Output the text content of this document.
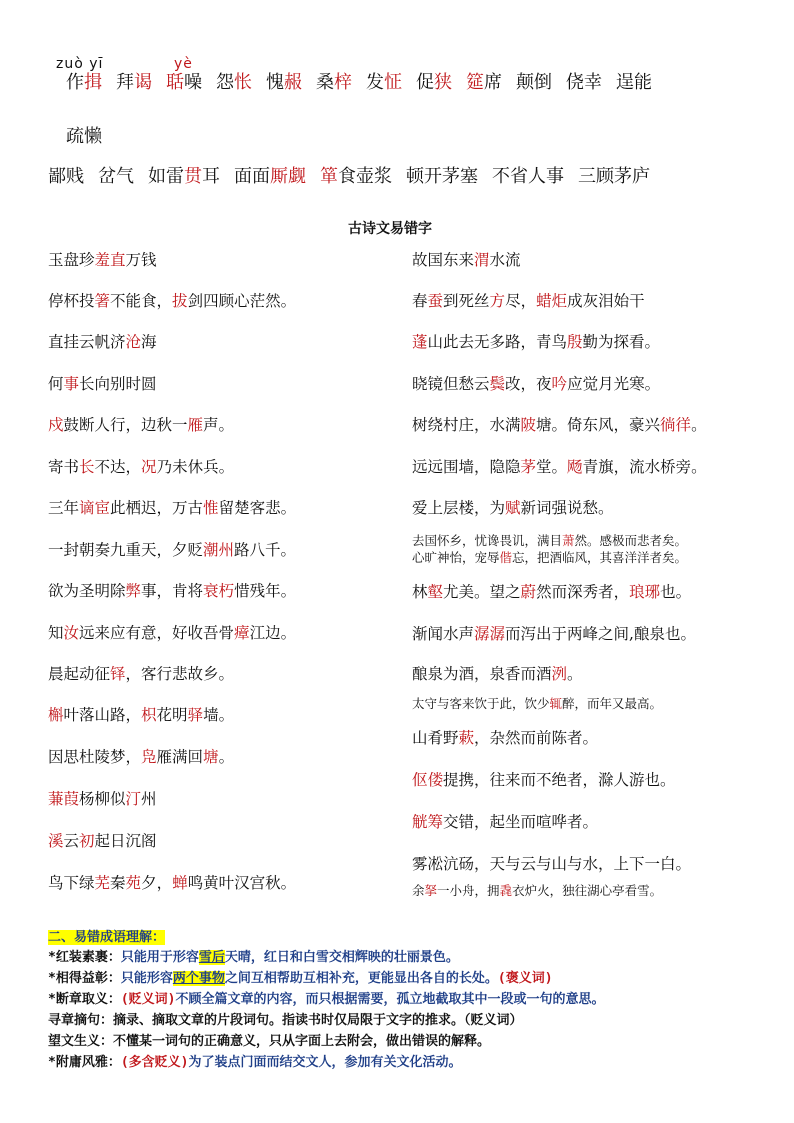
zuò yī	yè
作揖 拜谒 聒噪 怨怅 愧赧 桑梓 发怔 促狭 筵席 颠倒 侥幸 逞能
疏懒
鄙贱 岔气 如雷贯耳 面面厮觑 箪食壶浆 顿开茅塞 不省人事 三顾茅庐
古诗文易错字
玉盘珍羞直万钱
停杯投箸不能食，拔剑四顾心茫然。
直挂云帆济沧海
何事长向别时圆
戍鼓断人行，边秋一雁声。
寄书长不达，况乃未休兵。
三年谪宦此栖迟，万古惟留楚客悲。
一封朝奏九重天，夕贬潮州路八千。
欲为圣明除弊事，肯将衰朽惜残年。
知汝远来应有意，好收吾骨瘴江边。
晨起动征铎，客行悲故乡。
槲叶落山路，枳花明驿墙。
因思杜陵梦，凫雁满回塘。
蒹葭杨柳似汀州
溪云初起日沉阁
鸟下绿芜秦苑夕，蝉鸣黄叶汉宫秋。
故国东来渭水流
春蚕到死丝方尽，蜡炬成灰泪始干
蓬山此去无多路，青鸟殷勤为探看。
晓镜但愁云鬓改，夜吟应觉月光寒。
树绕村庄，水满陂塘。倚东风，豪兴徜徉。
远远围墙，隐隐茅堂。飏青旗，流水桥旁。
爱上层楼，为赋新词强说愁。
去国怀乡，忧谗畏讥，满目萧然。感极而悲者矣。
心旷神怡，宠辱偕忘，把酒临风，其喜洋洋者矣。
林壑尤美。望之蔚然而深秀者，琅琊也。
渐闻水声潺潺而泻出于两峰之间,酿泉也。
酿泉为酒，泉香而酒洌。
太守与客来饮于此，饮少辄醉，而年又最高。
山肴野蔌，杂然而前陈者。
伛偻提携，往来而不绝者，滁人游也。
觥筹交错，起坐而喧哗者。
雾凇沆砀，天与云与山与水，上下一白。
余拏一小舟，拥毳衣炉火，独往湖心亭看雪。
二、易错成语理解：
*红装素裹：只能用于形容雪后天晴，红日和白雪交相辉映的壮丽景色。
*相得益彰：只能形容两个事物之间互相帮助互相补充，更能显出各自的长处。(褒义词)
*断章取义：(贬义词)不顾全篇文章的内容，而只根据需要，孤立地截取其中一段或一句的意思。
寻章摘句：摘录、摘取文章的片段词句。指读书时仅局限于文字的推求。（贬义词）
望文生义：不懂某一词句的正确意义，只从字面上去附会，做出错误的解释。
*附庸风雅：(多含贬义)为了装点门面而结交文人，参加有关文化活动。
